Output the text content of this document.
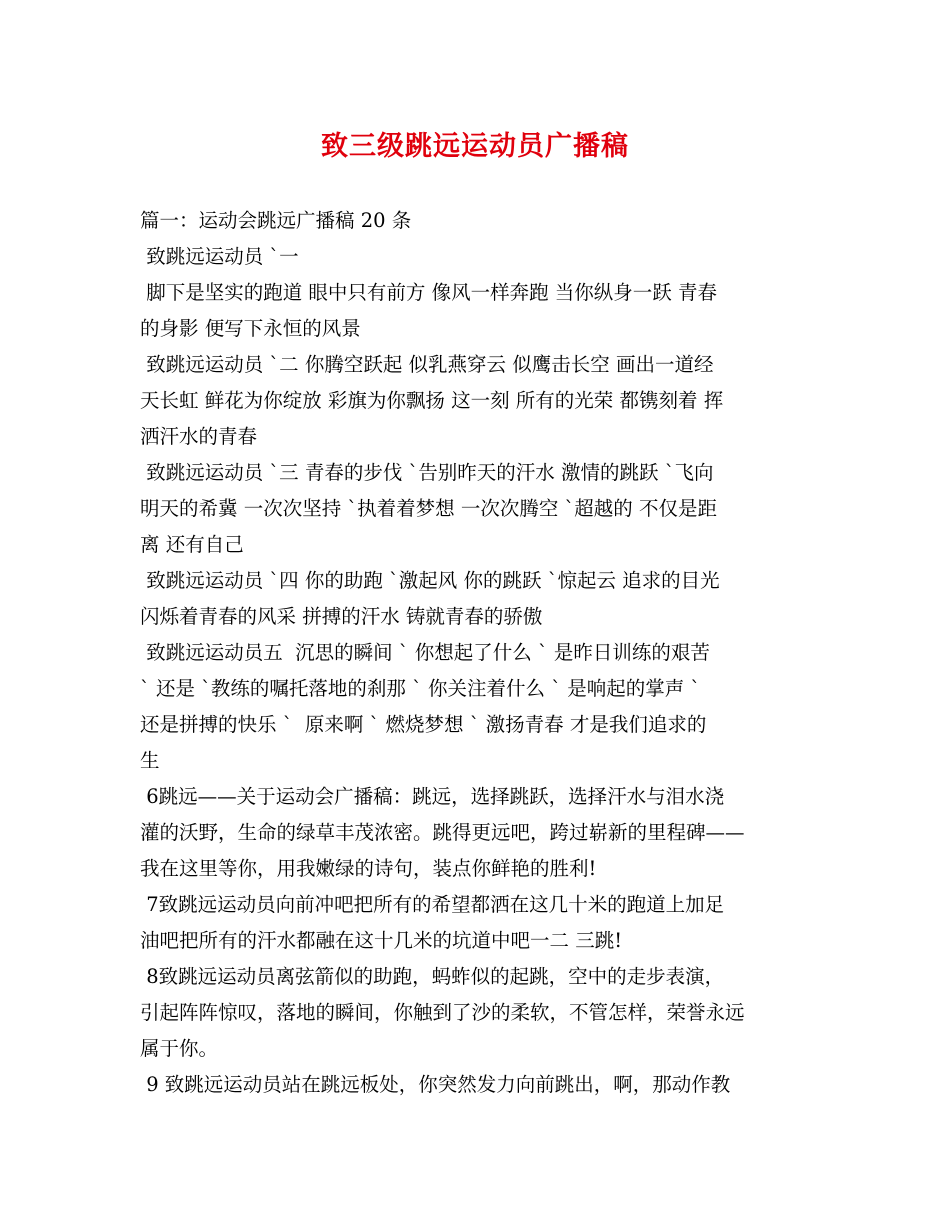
致三级跳远运动员广播稿
篇一：运动会跳远广播稿 20 条
致跳远运动员 `一
脚下是坚实的跑道 眼中只有前方 像风一样奔跑 当你纵身一跃 青春
的身影 便写下永恒的风景
致跳远运动员 `二 你腾空跃起 似乳燕穿云 似鹰击长空 画出一道经
天长虹 鲜花为你绽放 彩旗为你飘扬 这一刻 所有的光荣 都镌刻着 挥
洒汗水的青春
致跳远运动员 `三 青春的步伐 `告别昨天的汗水 激情的跳跃 `飞向
明天的希冀 一次次坚持 `执着着梦想 一次次腾空 `超越的 不仅是距
离 还有自己
致跳远运动员 `四 你的助跑 `激起风 你的跳跃 `惊起云 追求的目光
闪烁着青春的风采 拼搏的汗水 铸就青春的骄傲
致跳远运动员五  沉思的瞬间 ` 你想起了什么 ` 是昨日训练的艰苦
` 还是 `教练的嘱托落地的刹那 ` 你关注着什么 ` 是响起的掌声 `
还是拼搏的快乐 `  原来啊 ` 燃烧梦想 ` 激扬青春 才是我们追求的
生
6跳远——关于运动会广播稿：跳远，选择跳跃，选择汗水与泪水浇
灌的沃野，生命的绿草丰茂浓密。跳得更远吧，跨过崭新的里程碑——
我在这里等你，用我嫩绿的诗句，装点你鲜艳的胜利!
7致跳远运动员向前冲吧把所有的希望都洒在这几十米的跑道上加足
油吧把所有的汗水都融在这十几米的坑道中吧一二 三跳!
8致跳远运动员离弦箭似的助跑，蚂蚱似的起跳，空中的走步表演，
引起阵阵惊叹，落地的瞬间，你触到了沙的柔软，不管怎样，荣誉永远
属于你。
9 致跳远运动员站在跳远板处，你突然发力向前跳出，啊，那动作教
